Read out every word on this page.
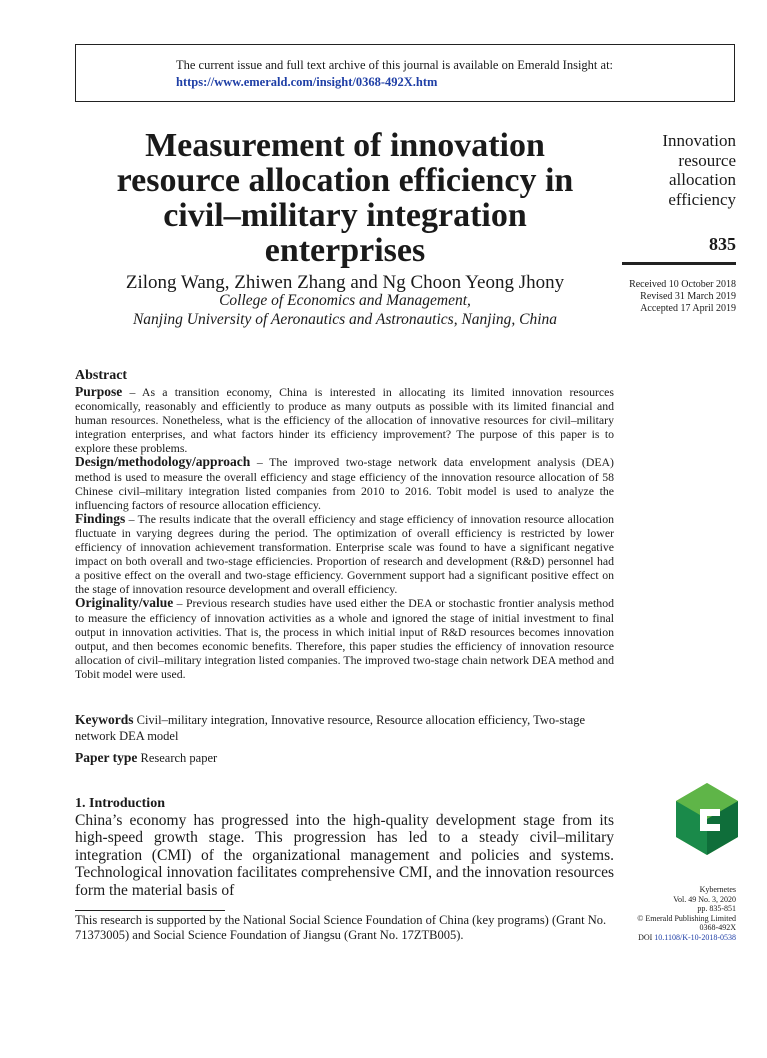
The current issue and full text archive of this journal is available on Emerald Insight at:
https://www.emerald.com/insight/0368-492X.htm
Measurement of innovation resource allocation efficiency in civil–military integration enterprises
Zilong Wang, Zhiwen Zhang and Ng Choon Yeong Jhony
College of Economics and Management,
Nanjing University of Aeronautics and Astronautics, Nanjing, China
Innovation
resource
allocation
efficiency
835
Received 10 October 2018
Revised 31 March 2019
Accepted 17 April 2019
Abstract

Purpose – As a transition economy, China is interested in allocating its limited innovation resources economically, reasonably and efficiently to produce as many outputs as possible with its limited financial and human resources. Nonetheless, what is the efficiency of the allocation of innovative resources for civil–military integration enterprises, and what factors hinder its efficiency improvement? The purpose of this paper is to explore these problems.

Design/methodology/approach – The improved two-stage network data envelopment analysis (DEA) method is used to measure the overall efficiency and stage efficiency of the innovation resource allocation of 58 Chinese civil–military integration listed companies from 2010 to 2016. Tobit model is used to analyze the influencing factors of resource allocation efficiency.

Findings – The results indicate that the overall efficiency and stage efficiency of innovation resource allocation fluctuate in varying degrees during the period. The optimization of overall efficiency is restricted by lower efficiency of innovation achievement transformation. Enterprise scale was found to have a significant negative impact on both overall and two-stage efficiencies. Proportion of research and development (R&D) personnel had a positive effect on the overall and two-stage efficiency. Government support had a significant positive effect on the stage of innovation resource development and overall efficiency.

Originality/value – Previous research studies have used either the DEA or stochastic frontier analysis method to measure the efficiency of innovation activities as a whole and ignored the stage of initial investment to final output in innovation activities. That is, the process in which initial input of R&D resources becomes innovation output, and then becomes economic benefits. Therefore, this paper studies the efficiency of innovation resource allocation of civil–military integration listed companies. The improved two-stage chain network DEA method and Tobit model were used.

Keywords Civil–military integration, Innovative resource, Resource allocation efficiency, Two-stage network DEA model
Paper type Research paper
1. Introduction
China’s economy has progressed into the high-quality development stage from its high-speed growth stage. This progression has led to a steady civil–military integration (CMI) of the organizational management and policies and systems. Technological innovation facilitates comprehensive CMI, and the innovation resources form the material basis of
This research is supported by the National Social Science Foundation of China (key programs) (Grant No. 71373005) and Social Science Foundation of Jiangsu (Grant No. 17ZTB005).
Kybernetes
Vol. 49 No. 3, 2020
pp. 835-851
© Emerald Publishing Limited
0368-492X
DOI 10.1108/K-10-2018-0538
